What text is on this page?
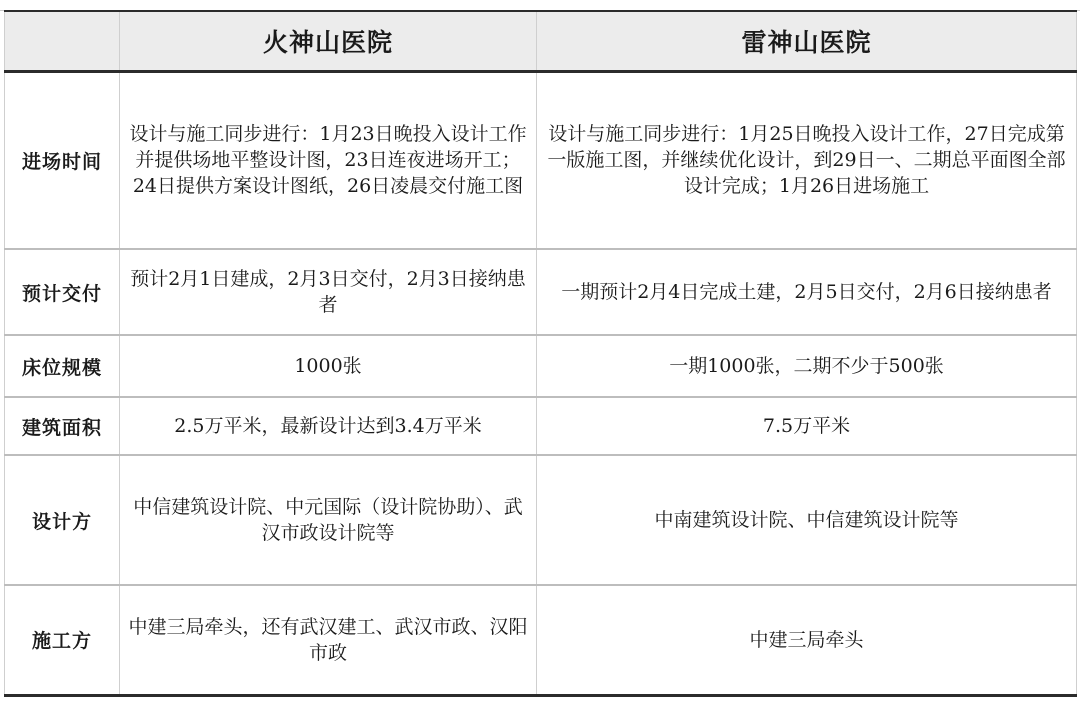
	火神山医院	雷神山医院
进场时间	设计与施工同步进行：1月23日晚投入设计工作并提供场地平整设计图，23日连夜进场开工；24日提供方案设计图纸，26日凌晨交付施工图	设计与施工同步进行：1月25日晚投入设计工作，27日完成第一版施工图，并继续优化设计，到29日一、二期总平面图全部设计完成；1月26日进场施工
预计交付	预计2月1日建成，2月3日交付，2月3日接纳患者	一期预计2月4日完成土建，2月5日交付，2月6日接纳患者
床位规模	1000张	一期1000张，二期不少于500张
建筑面积	2.5万平米，最新设计达到3.4万平米	7.5万平米
设计方	中信建筑设计院、中元国际（设计院协助）、武汉市政设计院等	中南建筑设计院、中信建筑设计院等
施工方	中建三局牵头，还有武汉建工、武汉市政、汉阳市政	中建三局牵头
